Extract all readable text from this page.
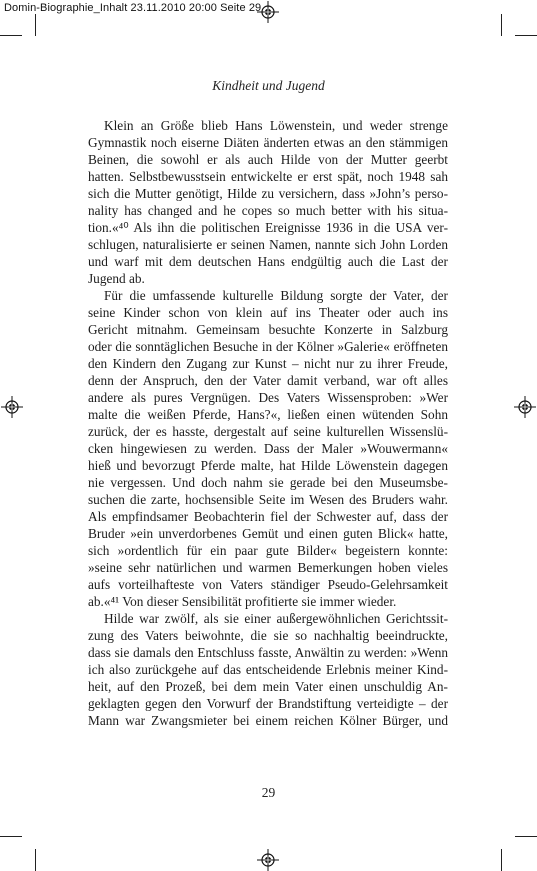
Domin-Biographie_Inhalt 23.11.2010 20:00 Seite 29
Kindheit und Jugend
Klein an Größe blieb Hans Löwenstein, und weder strenge
Gymnastik noch eiserne Diäten änderten etwas an den stämmigen
Beinen, die sowohl er als auch Hilde von der Mutter geerbt
hatten. Selbstbewusstsein entwickelte er erst spät, noch 1948 sah
sich die Mutter genötigt, Hilde zu versichern, dass »John’s perso-
nality has changed and he copes so much better with his situa-
tion.«⁴⁰ Als ihn die politischen Ereignisse 1936 in die USA ver-
schlugen, naturalisierte er seinen Namen, nannte sich John Lorden
und warf mit dem deutschen Hans endgültig auch die Last der
Jugend ab.
Für die umfassende kulturelle Bildung sorgte der Vater, der
seine Kinder schon von klein auf ins Theater oder auch ins
Gericht mitnahm. Gemeinsam besuchte Konzerte in Salzburg
oder die sonntäglichen Besuche in der Kölner »Galerie« eröffneten
den Kindern den Zugang zur Kunst – nicht nur zu ihrer Freude,
denn der Anspruch, den der Vater damit verband, war oft alles
andere als pures Vergnügen. Des Vaters Wissensproben: »Wer
malte die weißen Pferde, Hans?«, ließen einen wütenden Sohn
zurück, der es hasste, dergestalt auf seine kulturellen Wissenslü-
cken hingewiesen zu werden. Dass der Maler »Wouwermann«
hieß und bevorzugt Pferde malte, hat Hilde Löwenstein dagegen
nie vergessen. Und doch nahm sie gerade bei den Museumsbe-
suchen die zarte, hochsensible Seite im Wesen des Bruders wahr.
Als empfindsamer Beobachterin fiel der Schwester auf, dass der
Bruder »ein unverdorbenes Gemüt und einen guten Blick« hatte,
sich »ordentlich für ein paar gute Bilder« begeistern konnte:
»seine sehr natürlichen und warmen Bemerkungen hoben vieles
aufs vorteilhafteste von Vaters ständiger Pseudo-Gelehrsamkeit
ab.«⁴¹ Von dieser Sensibilität profitierte sie immer wieder.
Hilde war zwölf, als sie einer außergewöhnlichen Gerichtssit-
zung des Vaters beiwohnte, die sie so nachhaltig beeindruckte,
dass sie damals den Entschluss fasste, Anwältin zu werden: »Wenn
ich also zurückgehe auf das entscheidende Erlebnis meiner Kind-
heit, auf den Prozeß, bei dem mein Vater einen unschuldig An-
geklagten gegen den Vorwurf der Brandstiftung verteidigte – der
Mann war Zwangsmieter bei einem reichen Kölner Bürger, und
29
